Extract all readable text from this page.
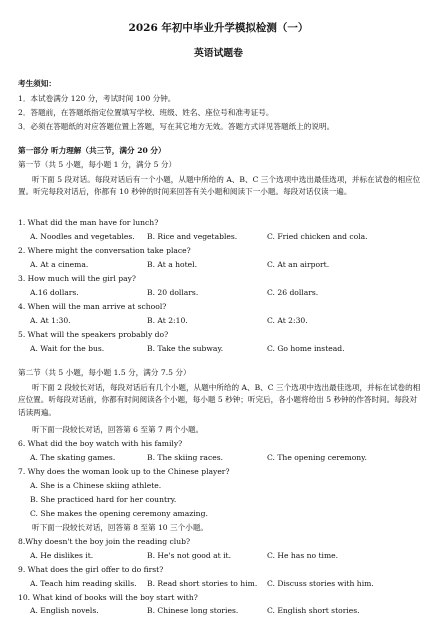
2026 年初中毕业升学模拟检测（一）
英语试题卷
考生须知：
1．本试卷满分 120 分，考试时间 100 分钟。
2．答题前，在答题纸指定位置填写学校、班级、姓名、座位号和准考证号。
3．必须在答题纸的对应答题位置上答题，写在其它地方无效。答题方式详见答题纸上的说明。
第一部分 听力理解（共三节，满分 20 分）
第一节（共 5 小题，每小题 1 分，满分 5 分）
听下面 5 段对话。每段对话后有一个小题，从题中所给的 A、B、C 三个选项中选出最佳选项，并标在试卷的相应位置。听完每段对话后，你都有 10 秒钟的时间来回答有关小题和阅读下一小题。每段对话仅读一遍。
1. What did the man have for lunch?
A. Noodles and vegetables. B. Rice and vegetables.	C. Fried chicken and cola.
2. Where might the conversation take place?
A. At a cinema.	B. At a hotel.	C. At an airport.
3. How much will the girl pay?
A.16 dollars.	B. 20 dollars.	C. 26 dollars.
4. When will the man arrive at school?
A. At 1:30.	B. At 2:10.	C. At 2:30.
5. What will the speakers probably do?
A. Wait for the bus.	B. Take the subway.	C. Go home instead.
第二节（共 5 小题，每小题 1.5 分，满分 7.5 分）
听下面 2 段较长对话，每段对话后有几个小题，从题中所给的 A、B、C 三个选项中选出最佳选项，并标在试卷的相应位置。听每段对话前，你都有时间阅读各个小题，每小题 5 秒钟；听完后，各小题将给出 5 秒钟的作答时间。每段对话读两遍。
听下面一段较长对话，回答第 6 至第 7 两个小题。
6. What did the boy watch with his family?
A. The skating games.	B. The skiing races.	C. The opening ceremony.
7. Why does the woman look up to the Chinese player?
A. She is a Chinese skiing athlete.
B. She practiced hard for her country.
C. She makes the opening ceremony amazing.
听下面一段较长对话，回答第 8 至第 10 三个小题。
8.Why doesn't the boy join the reading club?
A. He dislikes it.	B. He's not good at it.	C. He has no time.
9. What does the girl offer to do first?
A. Teach him reading skills. B. Read short stories to him. C. Discuss stories with him.
10. What kind of books will the boy start with?
A. English novels.	B. Chinese long stories.	C. English short stories.
